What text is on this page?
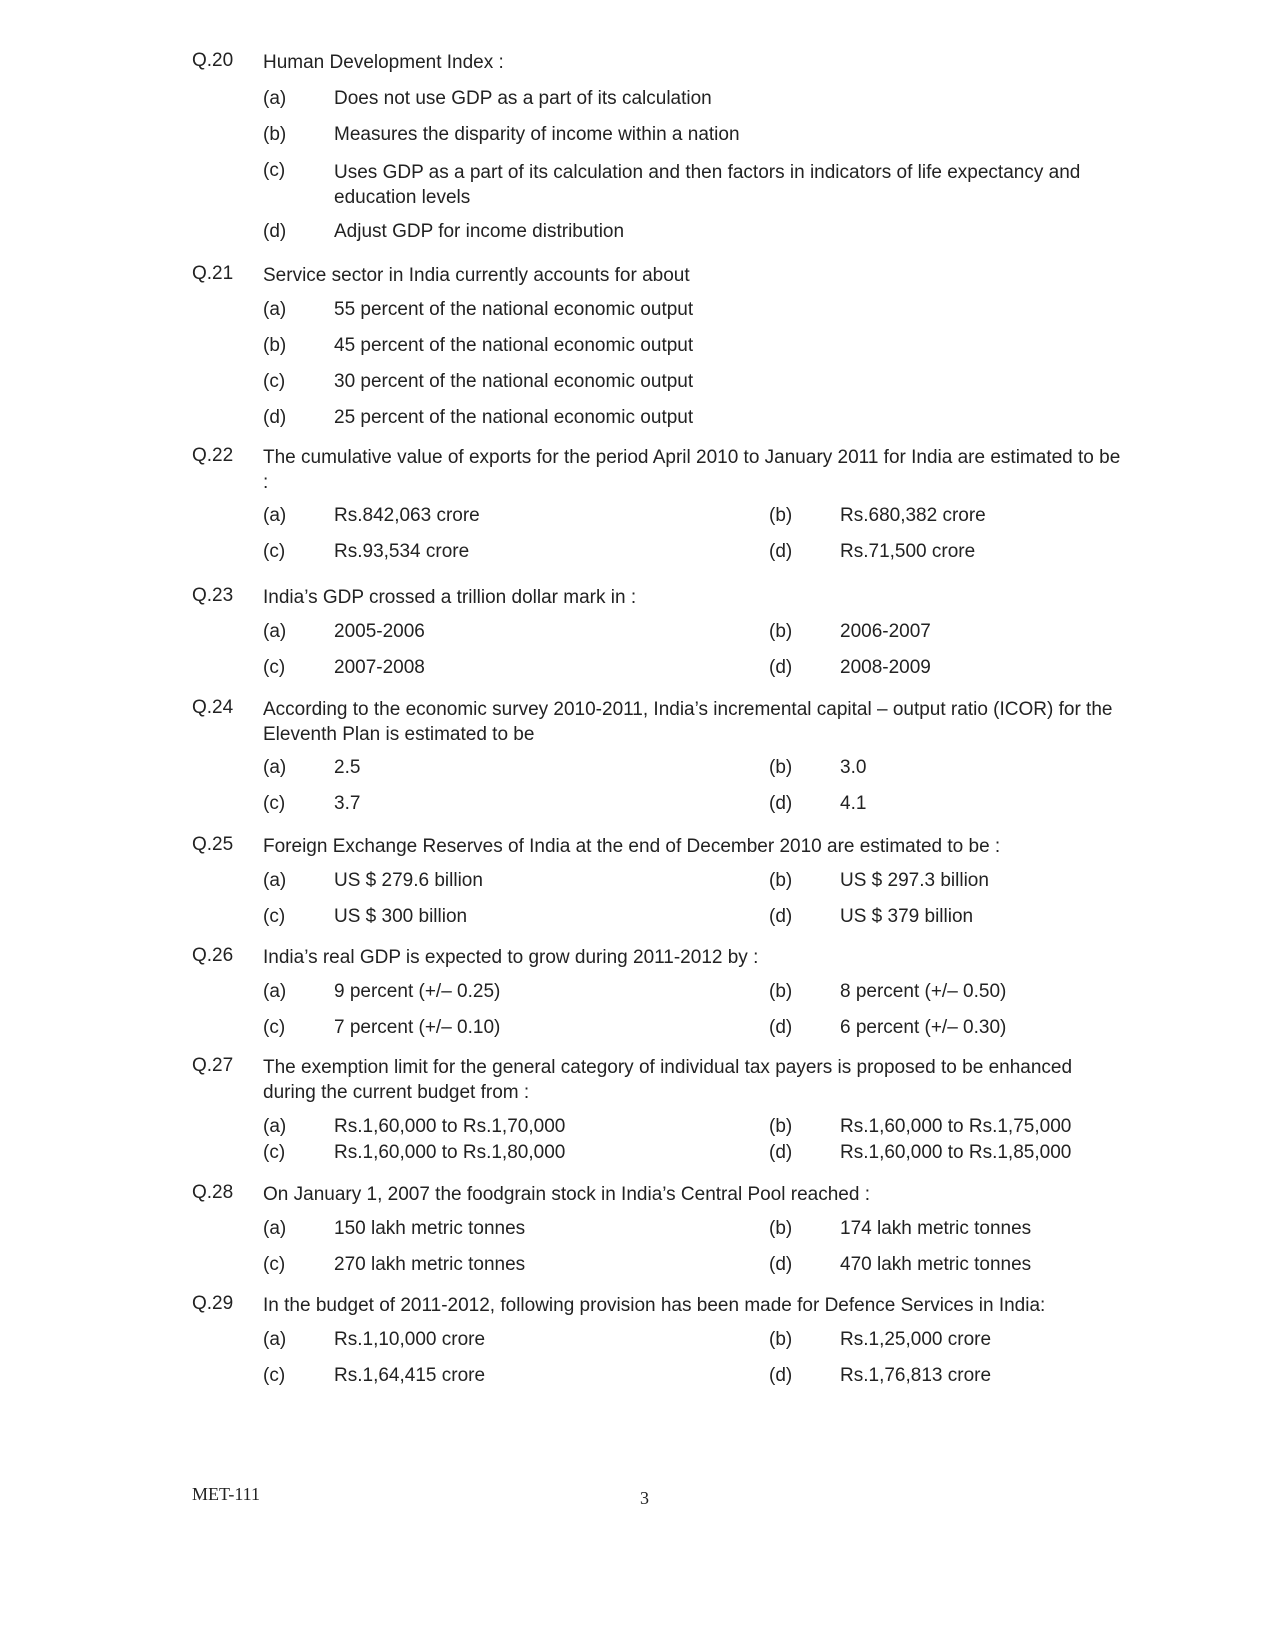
Q.20 Human Development Index :
(a)	Does not use GDP as a part of its calculation
(b)	Measures the disparity of income within a nation
(c)	Uses GDP as a part of its calculation and then factors in indicators of life expectancy and education levels
(d)	Adjust GDP for income distribution
Q.21 Service sector in India currently accounts for about
(a)	55 percent of the national economic output
(b)	45 percent of the national economic output
(c)	30 percent of the national economic output
(d)	25 percent of the national economic output
Q.22 The cumulative value of exports for the period April 2010 to January 2011 for India are estimated to be :
(a)	Rs.842,063 crore	(b)	Rs.680,382 crore
(c)	Rs.93,534 crore	(d)	Rs.71,500 crore
Q.23 India’s GDP crossed a trillion dollar mark in :
(a)	2005-2006	(b)	2006-2007
(c)	2007-2008	(d)	2008-2009
Q.24 According to the economic survey 2010-2011, India’s incremental capital – output ratio (ICOR) for the Eleventh Plan is estimated to be
(a)	2.5	(b)	3.0
(c)	3.7	(d)	4.1
Q.25 Foreign Exchange Reserves of India at the end of December 2010 are estimated to be :
(a)	US $ 279.6 billion	(b)	US $ 297.3 billion
(c)	US $ 300 billion	(d)	US $ 379 billion
Q.26 India’s real GDP is expected to grow during 2011-2012 by :
(a)	9 percent (+/– 0.25)	(b)	8 percent (+/– 0.50)
(c)	7 percent (+/– 0.10)	(d)	6 percent (+/– 0.30)
Q.27 The exemption limit for the general category of individual tax payers is proposed to be enhanced during the current budget from :
(a)	Rs.1,60,000 to Rs.1,70,000	(b)	Rs.1,60,000 to Rs.1,75,000
(c)	Rs.1,60,000 to Rs.1,80,000	(d)	Rs.1,60,000 to Rs.1,85,000
Q.28 On January 1, 2007 the foodgrain stock in India’s Central Pool reached :
(a)	150 lakh metric tonnes	(b)	174 lakh metric tonnes
(c)	270 lakh metric tonnes	(d)	470 lakh metric tonnes
Q.29 In the budget of 2011-2012, following provision has been made for Defence Services in India:
(a)	Rs.1,10,000 crore	(b)	Rs.1,25,000 crore
(c)	Rs.1,64,415 crore	(d)	Rs.1,76,813 crore
MET-111	3
